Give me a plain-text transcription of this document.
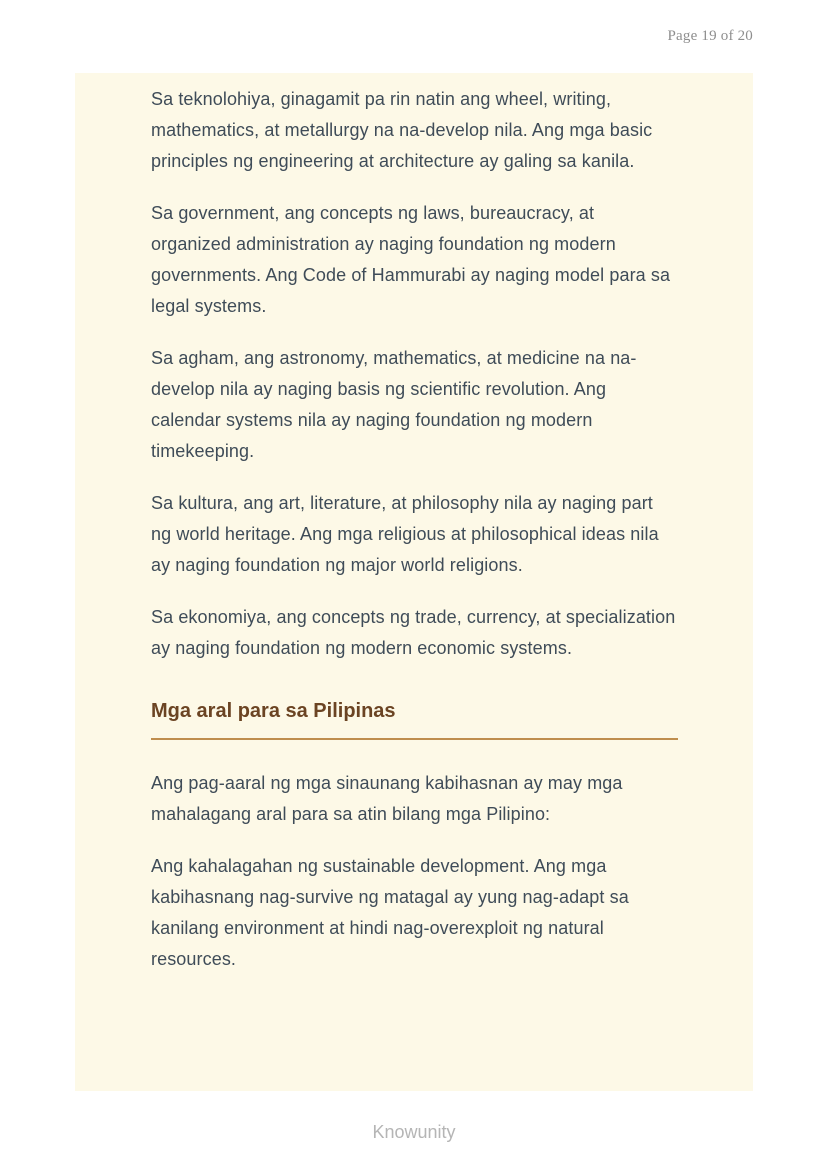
Page 19 of 20

Sa teknolohiya, ginagamit pa rin natin ang wheel, writing, mathematics, at metallurgy na na-develop nila. Ang mga basic principles ng engineering at architecture ay galing sa kanila.

Sa government, ang concepts ng laws, bureaucracy, at organized administration ay naging foundation ng modern governments. Ang Code of Hammurabi ay naging model para sa legal systems.

Sa agham, ang astronomy, mathematics, at medicine na na-develop nila ay naging basis ng scientific revolution. Ang calendar systems nila ay naging foundation ng modern timekeeping.

Sa kultura, ang art, literature, at philosophy nila ay naging part ng world heritage. Ang mga religious at philosophical ideas nila ay naging foundation ng major world religions.

Sa ekonomiya, ang concepts ng trade, currency, at specialization ay naging foundation ng modern economic systems.

Mga aral para sa Pilipinas

Ang pag-aaral ng mga sinaunang kabihasnan ay may mga mahalagang aral para sa atin bilang mga Pilipino:

Ang kahalagahan ng sustainable development. Ang mga kabihasnang nag-survive ng matagal ay yung nag-adapt sa kanilang environment at hindi nag-overexploit ng natural resources.

Knowunity
